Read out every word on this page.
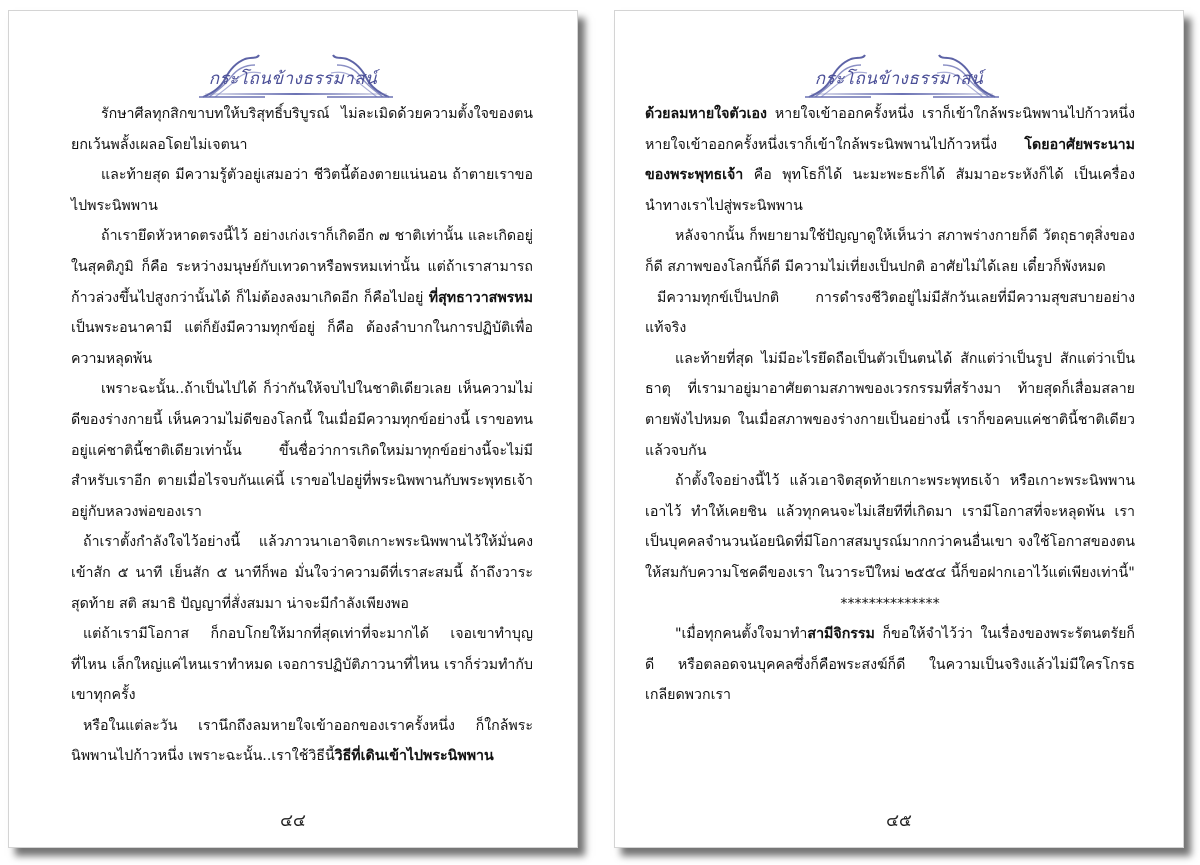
กระโถนข้างธรรมาสน์

รักษาศีลทุกสิกขาบทให้บริสุทธิ์บริบูรณ์ ไม่ละเมิดด้วยความตั้งใจของตน ยกเว้นพลั้งเผลอโดยไม่เจตนา

และท้ายสุด มีความรู้ตัวอยู่เสมอว่า ชีวิตนี้ต้องตายแน่นอน ถ้าตายเราขอไปพระนิพพาน

ถ้าเรายึดหัวหาดตรงนี้ไว้ อย่างเก่งเราก็เกิดอีก ๗ ชาติเท่านั้น และเกิดอยู่ในสุคติภูมิ ก็คือ ระหว่างมนุษย์กับเทวดาหรือพรหมเท่านั้น แต่ถ้าเราสามารถก้าวล่วงขึ้นไปสูงกว่านั้นได้ ก็ไม่ต้องลงมาเกิดอีก ก็คือไปอยู่ ที่สุทธาวาสพรหม เป็นพระอนาคามี แต่ก็ยังมีความทุกข์อยู่ ก็คือ ต้องลำบากในการปฏิบัติเพื่อความหลุดพ้น

เพราะฉะนั้น..ถ้าเป็นไปได้ ก็ว่ากันให้จบไปในชาติเดียวเลย เห็นความไม่ดีของร่างกายนี้ เห็นความไม่ดีของโลกนี้ ในเมื่อมีความทุกข์อย่างนี้ เราขอทนอยู่แค่ชาตินี้ชาติเดียวเท่านั้น ขึ้นชื่อว่าการเกิดใหม่มาทุกข์อย่างนี้จะไม่มีสำหรับเราอีก ตายเมื่อไรจบกันแค่นี้ เราขอไปอยู่ที่พระนิพพานกับพระพุทธเจ้า อยู่กับหลวงพ่อของเรา

ถ้าเราตั้งกำลังใจไว้อย่างนี้ แล้วภาวนาเอาจิตเกาะพระนิพพานไว้ให้มั่นคงเข้าสัก ๕ นาที เย็นสัก ๕ นาทีก็พอ มั่นใจว่าความดีที่เราสะสมนี้ ถ้าถึงวาระสุดท้าย สติ สมาธิ ปัญญาที่สั่งสมมา น่าจะมีกำลังเพียงพอ

แต่ถ้าเรามีโอกาส ก็กอบโกยให้มากที่สุดเท่าที่จะมากได้ เจอเขาทำบุญที่ไหน เล็กใหญ่แค่ไหนเราทำหมด เจอการปฏิบัติภาวนาที่ไหน เราก็ร่วมทำกับเขาทุกครั้ง

หรือในแต่ละวัน เรานึกถึงลมหายใจเข้าออกของเราครั้งหนึ่ง ก็ใกล้พระนิพพานไปก้าวหนึ่ง เพราะฉะนั้น..เราใช้วิธีนี้วิธีที่เดินเข้าไปพระนิพพาน

๔๔
กระโถนข้างธรรมาสน์

ด้วยลมหายใจตัวเอง หายใจเข้าออกครั้งหนึ่ง เราก็เข้าใกล้พระนิพพานไปก้าวหนึ่ง หายใจเข้าออกครั้งหนึ่งเราก็เข้าใกล้พระนิพพานไปก้าวหนึ่ง โดยอาศัยพระนามของพระพุทธเจ้า คือ พุทโธก็ได้ นะมะพะธะก็ได้ สัมมาอะระหังก็ได้ เป็นเครื่องนำทางเราไปสู่พระนิพพาน

หลังจากนั้น ก็พยายามใช้ปัญญาดูให้เห็นว่า สภาพร่างกายก็ดี วัตถุธาตุสิ่งของก็ดี สภาพของโลกนี้ก็ดี มีความไม่เที่ยงเป็นปกติ อาศัยไม่ได้เลย เดี๋ยวก็พังหมด

มีความทุกข์เป็นปกติ การดำรงชีวิตอยู่ไม่มีสักวันเลยที่มีความสุขสบายอย่างแท้จริง

และท้ายที่สุด ไม่มีอะไรยึดถือเป็นตัวเป็นตนได้ สักแต่ว่าเป็นรูป สักแต่ว่าเป็นธาตุ ที่เรามาอยู่มาอาศัยตามสภาพของเวรกรรมที่สร้างมา ท้ายสุดก็เสื่อมสลายตายพังไปหมด ในเมื่อสภาพของร่างกายเป็นอย่างนี้ เราก็ขอคบแค่ชาตินี้ชาติเดียวแล้วจบกัน

ถ้าตั้งใจอย่างนี้ไว้ แล้วเอาจิตสุดท้ายเกาะพระพุทธเจ้า หรือเกาะพระนิพพานเอาไว้ ทำให้เคยชิน แล้วทุกคนจะไม่เสียทีที่เกิดมา เรามีโอกาสที่จะหลุดพ้น เราเป็นบุคคลจำนวนน้อยนิดที่มีโอกาสสมบูรณ์มากกว่าคนอื่นเขา จงใช้โอกาสของตนให้สมกับความโชคดีของเรา ในวาระปีใหม่ ๒๕๕๔ นี้ก็ขอฝากเอาไว้แต่เพียงเท่านี้"

**************

"เมื่อทุกคนตั้งใจมาทำสามีจิกรรม ก็ขอให้จำไว้ว่า ในเรื่องของพระรัตนตรัยก็ดี หรือตลอดจนบุคคลซึ่งก็คือพระสงฆ์ก็ดี ในความเป็นจริงแล้วไม่มีใครโกรธเกลียดพวกเรา

๔๕
